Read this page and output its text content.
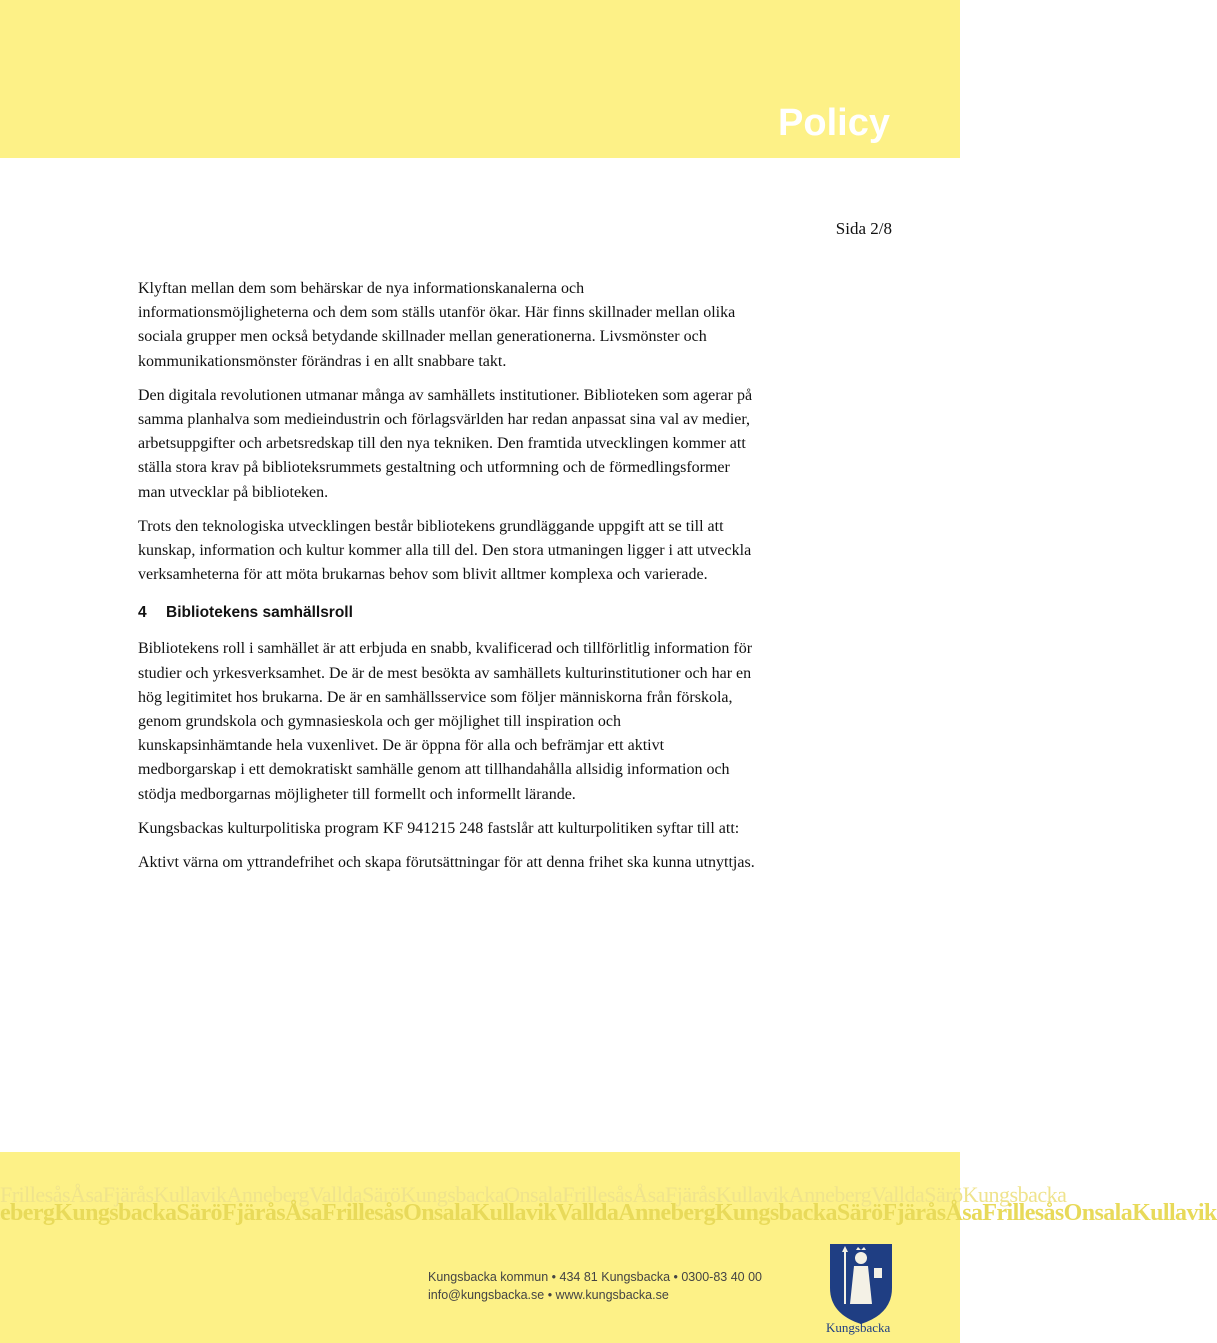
Policy
Sida 2/8

Klyftan mellan dem som behärskar de nya informationskanalerna och informationsmöjligheterna och dem som ställs utanför ökar. Här finns skillnader mellan olika sociala grupper men också betydande skillnader mellan generationerna. Livsmönster och kommunikationsmönster förändras i en allt snabbare takt.

Den digitala revolutionen utmanar många av samhällets institutioner. Biblioteken som agerar på samma planhalva som medieindustrin och förlagsvärlden har redan anpassat sina val av medier, arbetsuppgifter och arbetsredskap till den nya tekniken. Den framtida utvecklingen kommer att ställa stora krav på biblioteksrummets gestaltning och utformning och de förmedlingsformer man utvecklar på biblioteken.

Trots den teknologiska utvecklingen består bibliotekens grundläggande uppgift att se till att kunskap, information och kultur kommer alla till del. Den stora utmaningen ligger i att utveckla verksamheterna för att möta brukarnas behov som blivit alltmer komplexa och varierade.

4 Bibliotekens samhällsroll

Bibliotekens roll i samhället är att erbjuda en snabb, kvalificerad och tillförlitlig information för studier och yrkesverksamhet. De är de mest besökta av samhällets kulturinstitutioner och har en hög legitimitet hos brukarna. De är en samhällsservice som följer människorna från förskola, genom grundskola och gymnasieskola och ger möjlighet till inspiration och kunskapsinhämtande hela vuxenlivet. De är öppna för alla och befrämjar ett aktivt medborgarskap i ett demokratiskt samhälle genom att tillhandahålla allsidig information och stödja medborgarnas möjligheter till formellt och informellt lärande.

Kungsbackas kulturpolitiska program KF 941215 248 fastslår att kulturpolitiken syftar till att:

Aktivt värna om yttrandefrihet och skapa förutsättningar för att denna frihet ska kunna utnyttjas.

FrillesåsÅsaFjäråsKullavikAnnebergValldaSäröKungsbackaOnsalaFrillesåsÅsaFjäråsKullavikAnnebergValldaSäröKungsbacka
ebergKungsbackaSäröFjäråsÅsaFrillesåsOnsalaKullavikValldaAnnebergKungsbackaSäröFjäråsÅsaFrillesåsOnsalaKullavik
Kungsbacka kommun • 434 81 Kungsbacka • 0300-83 40 00
info@kungsbacka.se • www.kungsbacka.se
Kungsbacka
